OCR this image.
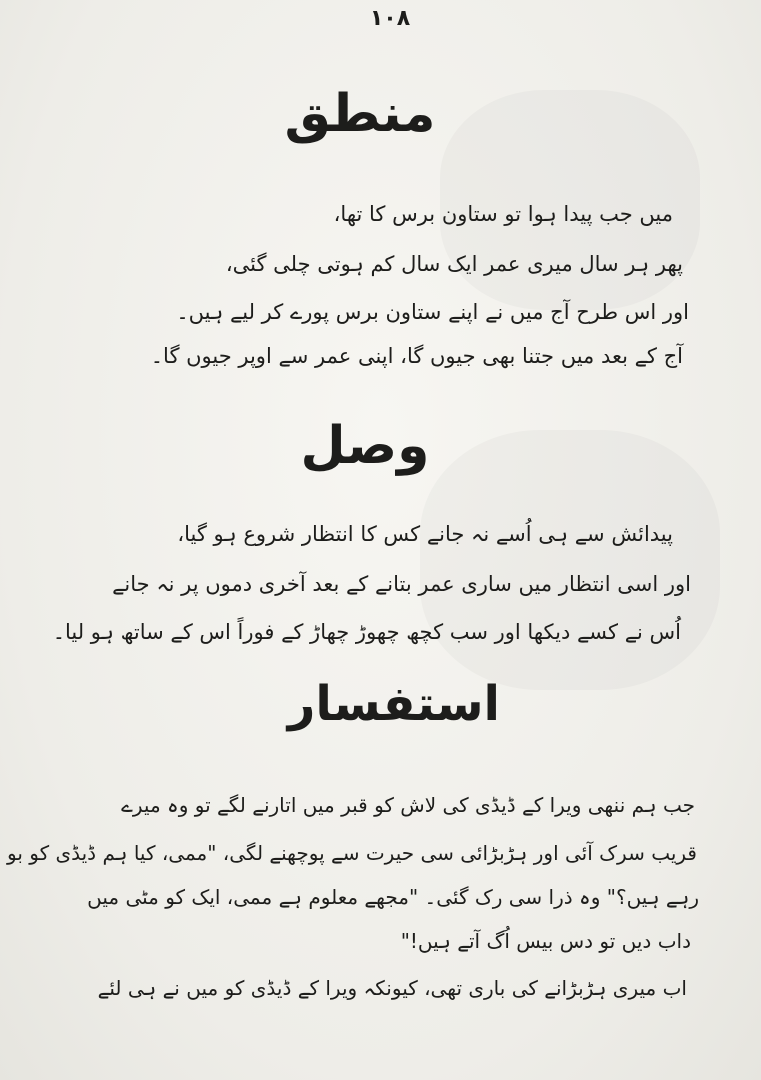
۱۰۸
منطق
میں جب پیدا ہوا تو ستاون برس کا تھا،
پھر ہر سال میری عمر ایک سال کم ہوتی چلی گئی،
اور اس طرح آج میں نے اپنے ستاون برس پورے کر لیے ہیں۔
آج کے بعد میں جتنا بھی جیوں گا، اپنی عمر سے اوپر جیوں گا۔
وصل
پیدائش سے ہی اُسے نہ جانے کس کا انتظار شروع ہو گیا،
اور اسی انتظار میں ساری عمر بتانے کے بعد آخری دموں پر نہ جانے
اُس نے کسے دیکھا اور سب کچھ چھوڑ چھاڑ کے فوراً اس کے ساتھ ہو لیا۔
استفسار
جب ہم ننھی ویرا کے ڈیڈی کی لاش کو قبر میں اتارنے لگے تو وہ میرے
قریب سرک آئی اور ہڑبڑائی سی حیرت سے پوچھنے لگی، "ممی، کیا ہم ڈیڈی کو بو
رہے ہیں؟" وہ ذرا سی رک گئی۔ "مجھے معلوم ہے ممی، ایک کو مٹی میں
داب دیں تو دس بیس اُگ آتے ہیں!"
اب میری ہڑبڑانے کی باری تھی، کیونکہ ویرا کے ڈیڈی کو میں نے ہی لئے
